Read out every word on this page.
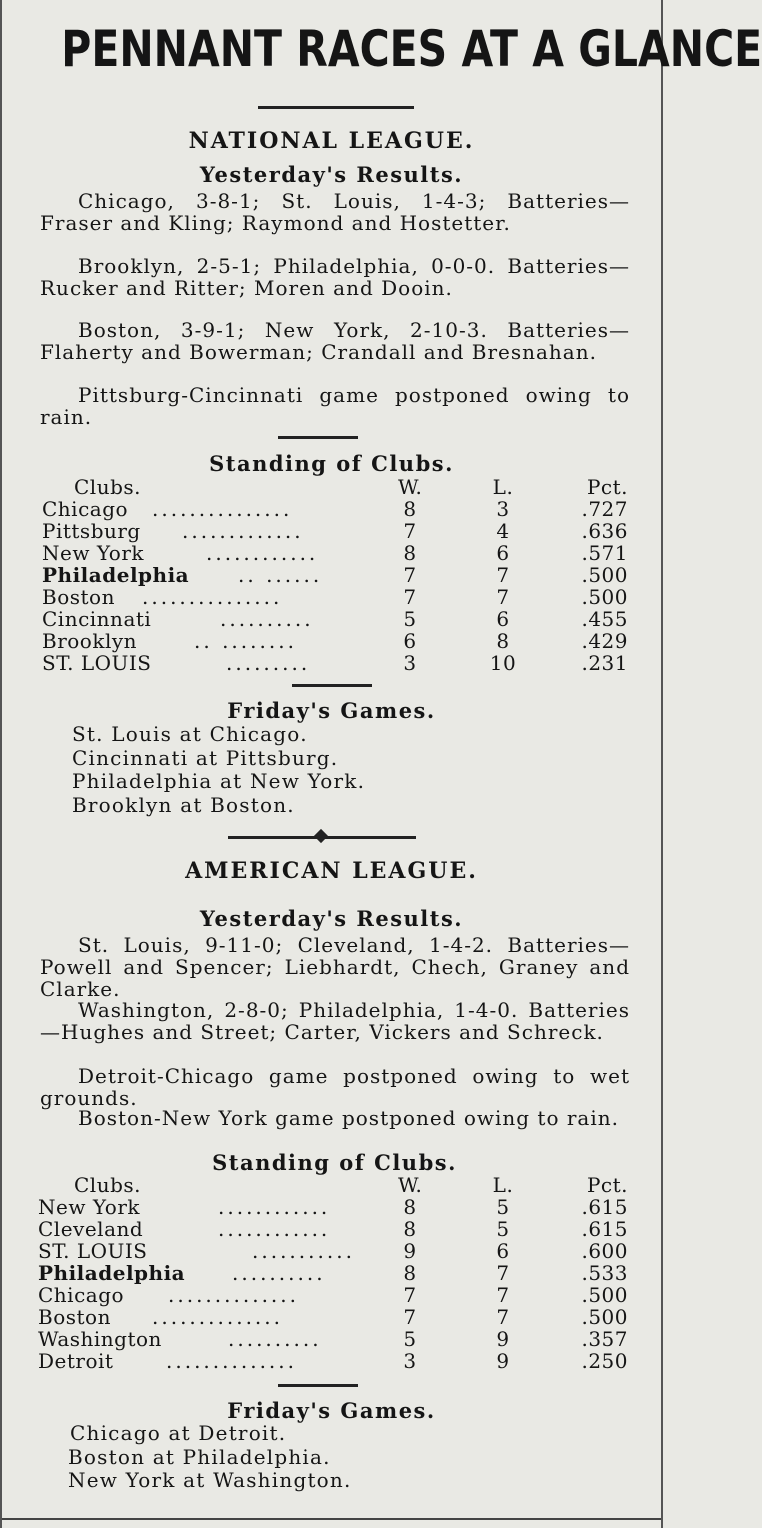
PENNANT RACES AT A GLANCE
NATIONAL LEAGUE.
Yesterday's Results.
Chicago, 3-8-1; St. Louis, 1-4-3; Batteries—Fraser and Kling; Raymond and Hostetter.
Brooklyn, 2-5-1; Philadelphia, 0-0-0. Batteries—Rucker and Ritter; Moren and Dooin.
Boston, 3-9-1; New York, 2-10-3. Batteries—Flaherty and Bowerman; Crandall and Bresnahan.
Pittsburg-Cincinnati game postponed owing to rain.
Standing of Clubs.
Clubs.	W.	L.	Pct.
Chicago ...............	8	3	.727
Pittsburg .............	7	4	.636
New York	............	8	6	.571
Philadelphia .. ......	7	7	.500
Boston ...............	7	7	.500
Cincinnati	..........	5	6	.455
Brooklyn	.. ........	6	8	.429
ST. LOUIS	.........	3	10	.231
Friday's Games.
St. Louis at Chicago.
Cincinnati at Pittsburg.
Philadelphia at New York.
Brooklyn at Boston.
AMERICAN LEAGUE.
Yesterday's Results.
St. Louis, 9-11-0; Cleveland, 1-4-2. Batteries—Powell and Spencer; Liebhardt, Chech, Graney and Clarke.
Washington, 2-8-0; Philadelphia, 1-4-0. Batteries—Hughes and Street; Carter, Vickers and Schreck.
Detroit-Chicago game postponed owing to wet grounds.
Boston-New York game postponed owing to rain.
Standing of Clubs.
Clubs.	W.	L.	Pct.
New York	............	8	5	.615
Cleveland	............	8	5	.615
ST. LOUIS	........... 9	6	.600
Philadelphia ..........	8	7	.533
Chicago ..............	7	7	.500
Boston ..............	7	7	.500
Washington	..........	5	9	.357
Detroit	..............	3	9	.250
Friday's Games.
Chicago at Detroit.
Boston at Philadelphia.
New York at Washington.
